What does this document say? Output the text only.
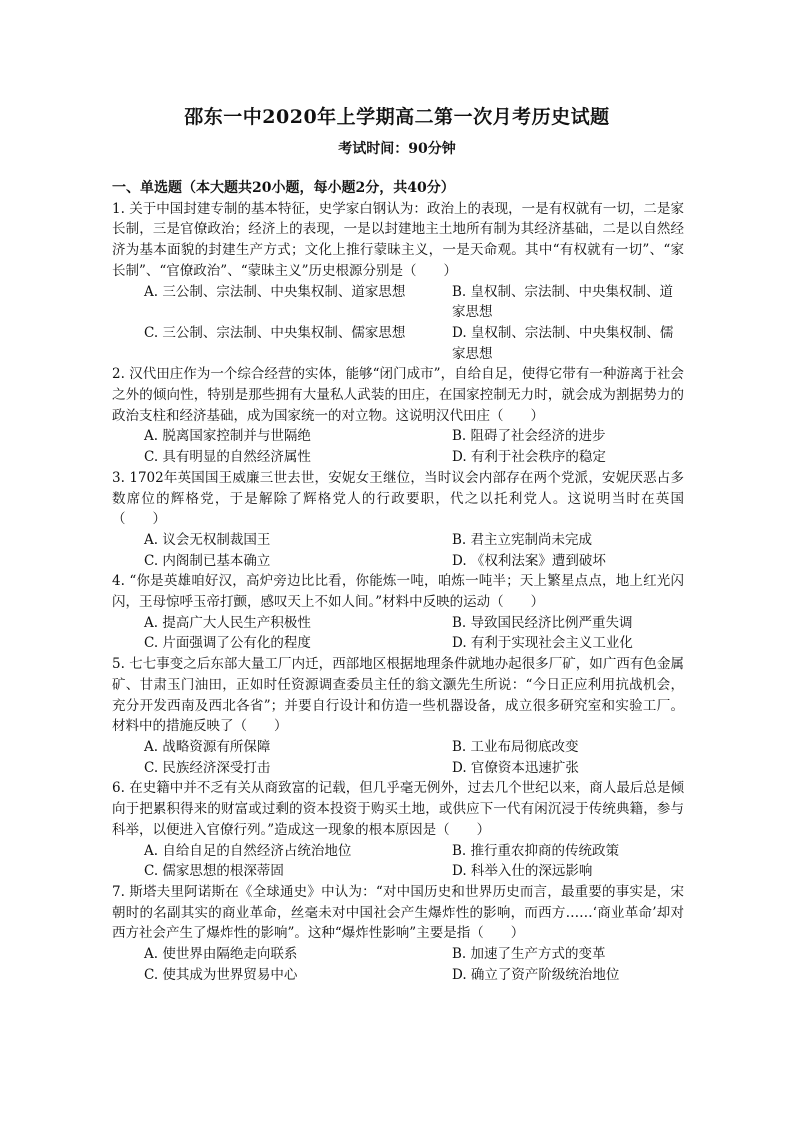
邵东一中2020年上学期高二第一次月考历史试题
考试时间：90分钟
一、单选题（本大题共20小题，每小题2分，共40分）

1. 关于中国封建专制的基本特征，史学家白钢认为：政治上的表现，一是有权就有一切，二是家长制，三是官僚政治；经济上的表现，一是以封建地主土地所有制为其经济基础，二是以自然经济为基本面貌的封建生产方式；文化上推行蒙昧主义，一是天命观。其中“有权就有一切”、“家长制”、“官僚政治”、“蒙昧主义”历史根源分别是（　　）

A. 三公制、宗法制、中央集权制、道家思想	B. 皇权制、宗法制、中央集权制、道家思想
C. 三公制、宗法制、中央集权制、儒家思想	D. 皇权制、宗法制、中央集权制、儒家思想

2. 汉代田庄作为一个综合经营的实体，能够“闭门成市”，自给自足，使得它带有一种游离于社会之外的倾向性，特别是那些拥有大量私人武装的田庄，在国家控制无力时，就会成为割据势力的政治支柱和经济基础，成为国家统一的对立物。这说明汉代田庄（　　）

A. 脱离国家控制并与世隔绝	B. 阻碍了社会经济的进步
C. 具有明显的自然经济属性	D. 有利于社会秩序的稳定

3. 1702年英国国王威廉三世去世，安妮女王继位，当时议会内部存在两个党派，安妮厌恶占多数席位的辉格党，于是解除了辉格党人的行政要职，代之以托利党人。这说明当时在英国（　　）

A. 议会无权制裁国王	B. 君主立宪制尚未完成
C. 内阁制已基本确立	D. 《权利法案》遭到破坏

4. “你是英雄咱好汉，高炉旁边比比看，你能炼一吨，咱炼一吨半；天上繁星点点，地上红光闪闪，王母惊呼玉帝打颤，感叹天上不如人间。”材料中反映的运动（　　）

A. 提高广大人民生产积极性	B. 导致国民经济比例严重失调
C. 片面强调了公有化的程度	D. 有利于实现社会主义工业化

5. 七七事变之后东部大量工厂内迁，西部地区根据地理条件就地办起很多厂矿，如广西有色金属矿、甘肃玉门油田，正如时任资源调查委员主任的翁文灏先生所说：“今日正应利用抗战机会，充分开发西南及西北各省”；并要自行设计和仿造一些机器设备，成立很多研究室和实验工厂。材料中的措施反映了（　　）

A. 战略资源有所保障	B. 工业布局彻底改变
C. 民族经济深受打击	D. 官僚资本迅速扩张

6. 在史籍中并不乏有关从商致富的记载，但几乎毫无例外，过去几个世纪以来，商人最后总是倾向于把累积得来的财富或过剩的资本投资于购买土地，或供应下一代有闲沉浸于传统典籍，参与科举，以便进入官僚行列。”造成这一现象的根本原因是（　　）

A. 自给自足的自然经济占统治地位	B. 推行重农抑商的传统政策
C. 儒家思想的根深蒂固	D. 科举入仕的深远影响

7. 斯塔夫里阿诺斯在《全球通史》中认为：“对中国历史和世界历史而言，最重要的事实是，宋朝时的名副其实的商业革命，丝毫未对中国社会产生爆炸性的影响，而西方……‘商业革命’却对西方社会产生了爆炸性的影响”。这种“爆炸性影响”主要是指（　　）

A. 使世界由隔绝走向联系	B. 加速了生产方式的变革
C. 使其成为世界贸易中心	D. 确立了资产阶级统治地位
